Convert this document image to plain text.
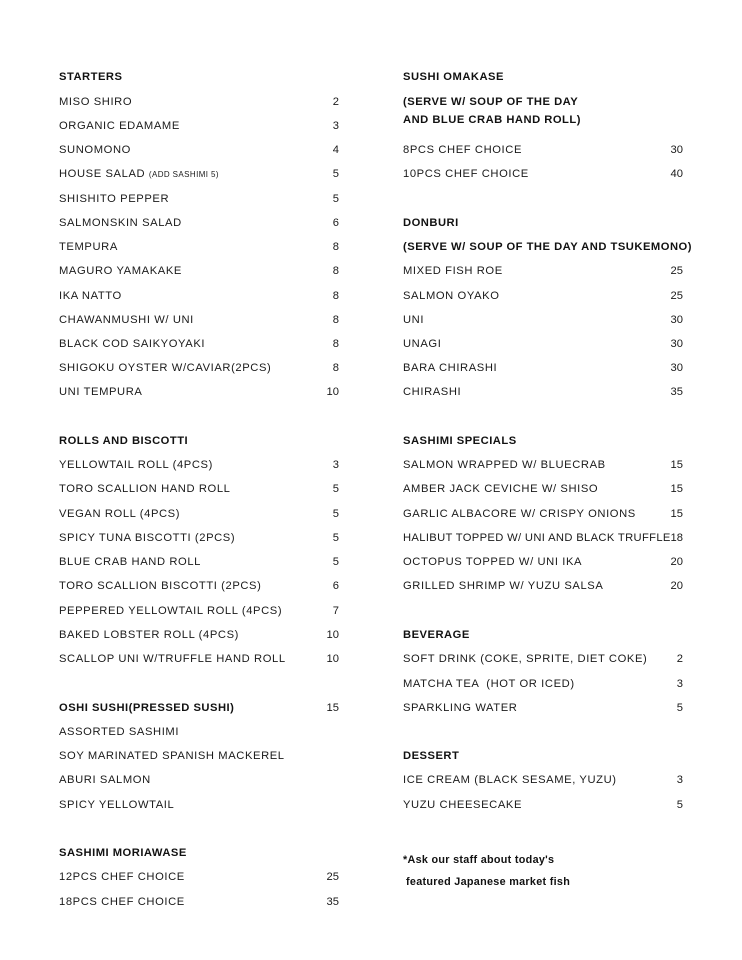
STARTERS
MISO SHIRO	2
ORGANIC EDAMAME	3
SUNOMONO	4
HOUSE SALAD (ADD SASHIMI 5)	5
SHISHITO PEPPER	5
SALMONSKIN SALAD	6
TEMPURA	8
MAGURO YAMAKAKE	8
IKA NATTO	8
CHAWANMUSHI W/ UNI	8
BLACK COD SAIKYOYAKI	8
SHIGOKU OYSTER W/CAVIAR(2PCS)	8
UNI TEMPURA	10
ROLLS AND BISCOTTI
YELLOWTAIL ROLL (4PCS)	3
TORO SCALLION HAND ROLL	5
VEGAN ROLL (4PCS)	5
SPICY TUNA BISCOTTI (2PCS)	5
BLUE CRAB HAND ROLL	5
TORO SCALLION BISCOTTI (2PCS)	6
PEPPERED YELLOWTAIL ROLL (4PCS)	7
BAKED LOBSTER ROLL (4PCS)	10
SCALLOP UNI W/TRUFFLE HAND ROLL	10
OSHI SUSHI(PRESSED SUSHI)	15
ASSORTED SASHIMI
SOY MARINATED SPANISH MACKEREL
ABURI SALMON
SPICY YELLOWTAIL
SASHIMI MORIAWASE
12PCS CHEF CHOICE	25
18PCS CHEF CHOICE	35
SUSHI OMAKASE
(SERVE W/ SOUP OF THE DAY
AND BLUE CRAB HAND ROLL)
8PCS CHEF CHOICE	30
10PCS CHEF CHOICE	40
DONBURI
(SERVE W/ SOUP OF THE DAY AND TSUKEMONO)
MIXED FISH ROE	25
SALMON OYAKO	25
UNI	30
UNAGI	30
BARA CHIRASHI	30
CHIRASHI	35
SASHIMI SPECIALS
SALMON WRAPPED W/ BLUECRAB	15
AMBER JACK CEVICHE W/ SHISO	15
GARLIC ALBACORE W/ CRISPY ONIONS	15
HALIBUT TOPPED W/ UNI AND BLACK TRUFFLE 18
OCTOPUS TOPPED W/ UNI IKA	20
GRILLED SHRIMP W/ YUZU SALSA	20
BEVERAGE
SOFT DRINK (COKE, SPRITE, DIET COKE)	2
MATCHA TEA  (HOT OR ICED)	3
SPARKLING WATER	5
DESSERT
ICE CREAM (BLACK SESAME, YUZU)	3
YUZU CHEESECAKE	5
*Ask our staff about today's
featured Japanese market fish
